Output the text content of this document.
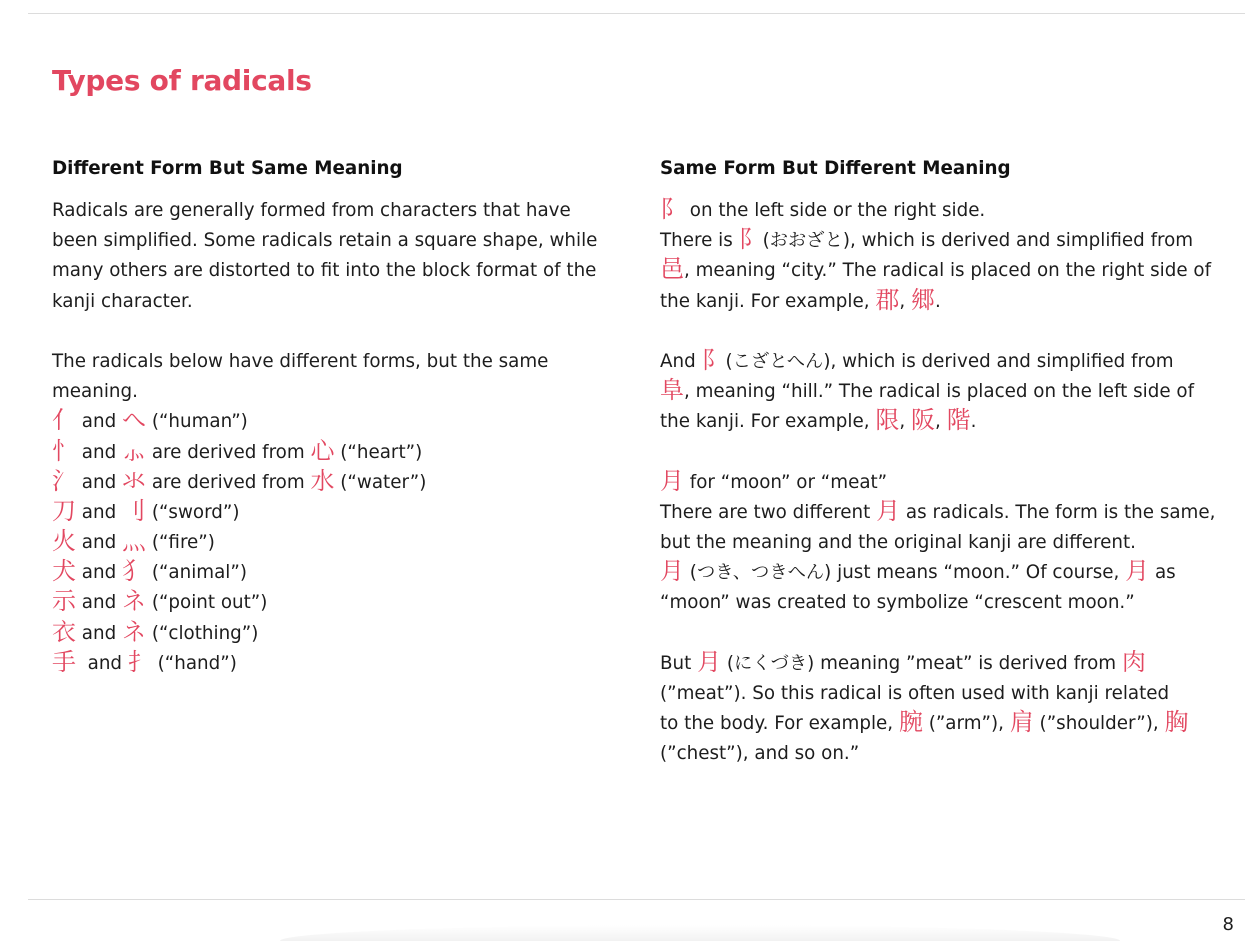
Types of radicals
Different Form But Same Meaning
Radicals are generally formed from characters that have
been simplified. Some radicals retain a square shape, while
many others are distorted to fit into the block format of the
kanji character.
The radicals below have different forms, but the same
meaning.
亻 and へ (“human”)
忄 and ⺗ are derived from 心 (“heart”)
氵 and 氺 are derived from 水 (“water”)
刀 and 刂 (“sword”)
火 and 灬 (“fire”)
犬 and 犭 (“animal”)
示 and ネ (“point out”)
衣 and ネ (“clothing”)
手  and 扌 (“hand”)
Same Form But Different Meaning
阝 on the left side or the right side.
There is 阝(おおざと), which is derived and simplified from
邑, meaning “city.” The radical is placed on the right side of
the kanji. For example, 郡, 郷.
And 阝(こざとへん), which is derived and simplified from
阜, meaning “hill.” The radical is placed on the left side of
the kanji. For example, 限, 阪, 階.
月 for “moon” or “meat”
There are two different 月 as radicals. The form is the same,
but the meaning and the original kanji are different.
月 (つき、つきへん) just means “moon.” Of course, 月 as
“moon” was created to symbolize “crescent moon.”
But 月 (にくづき) meaning ”meat” is derived from 肉
(”meat”). So this radical is often used with kanji related
to the body. For example, 腕 (”arm”), 肩 (”shoulder”), 胸
(”chest”), and so on.”
8
